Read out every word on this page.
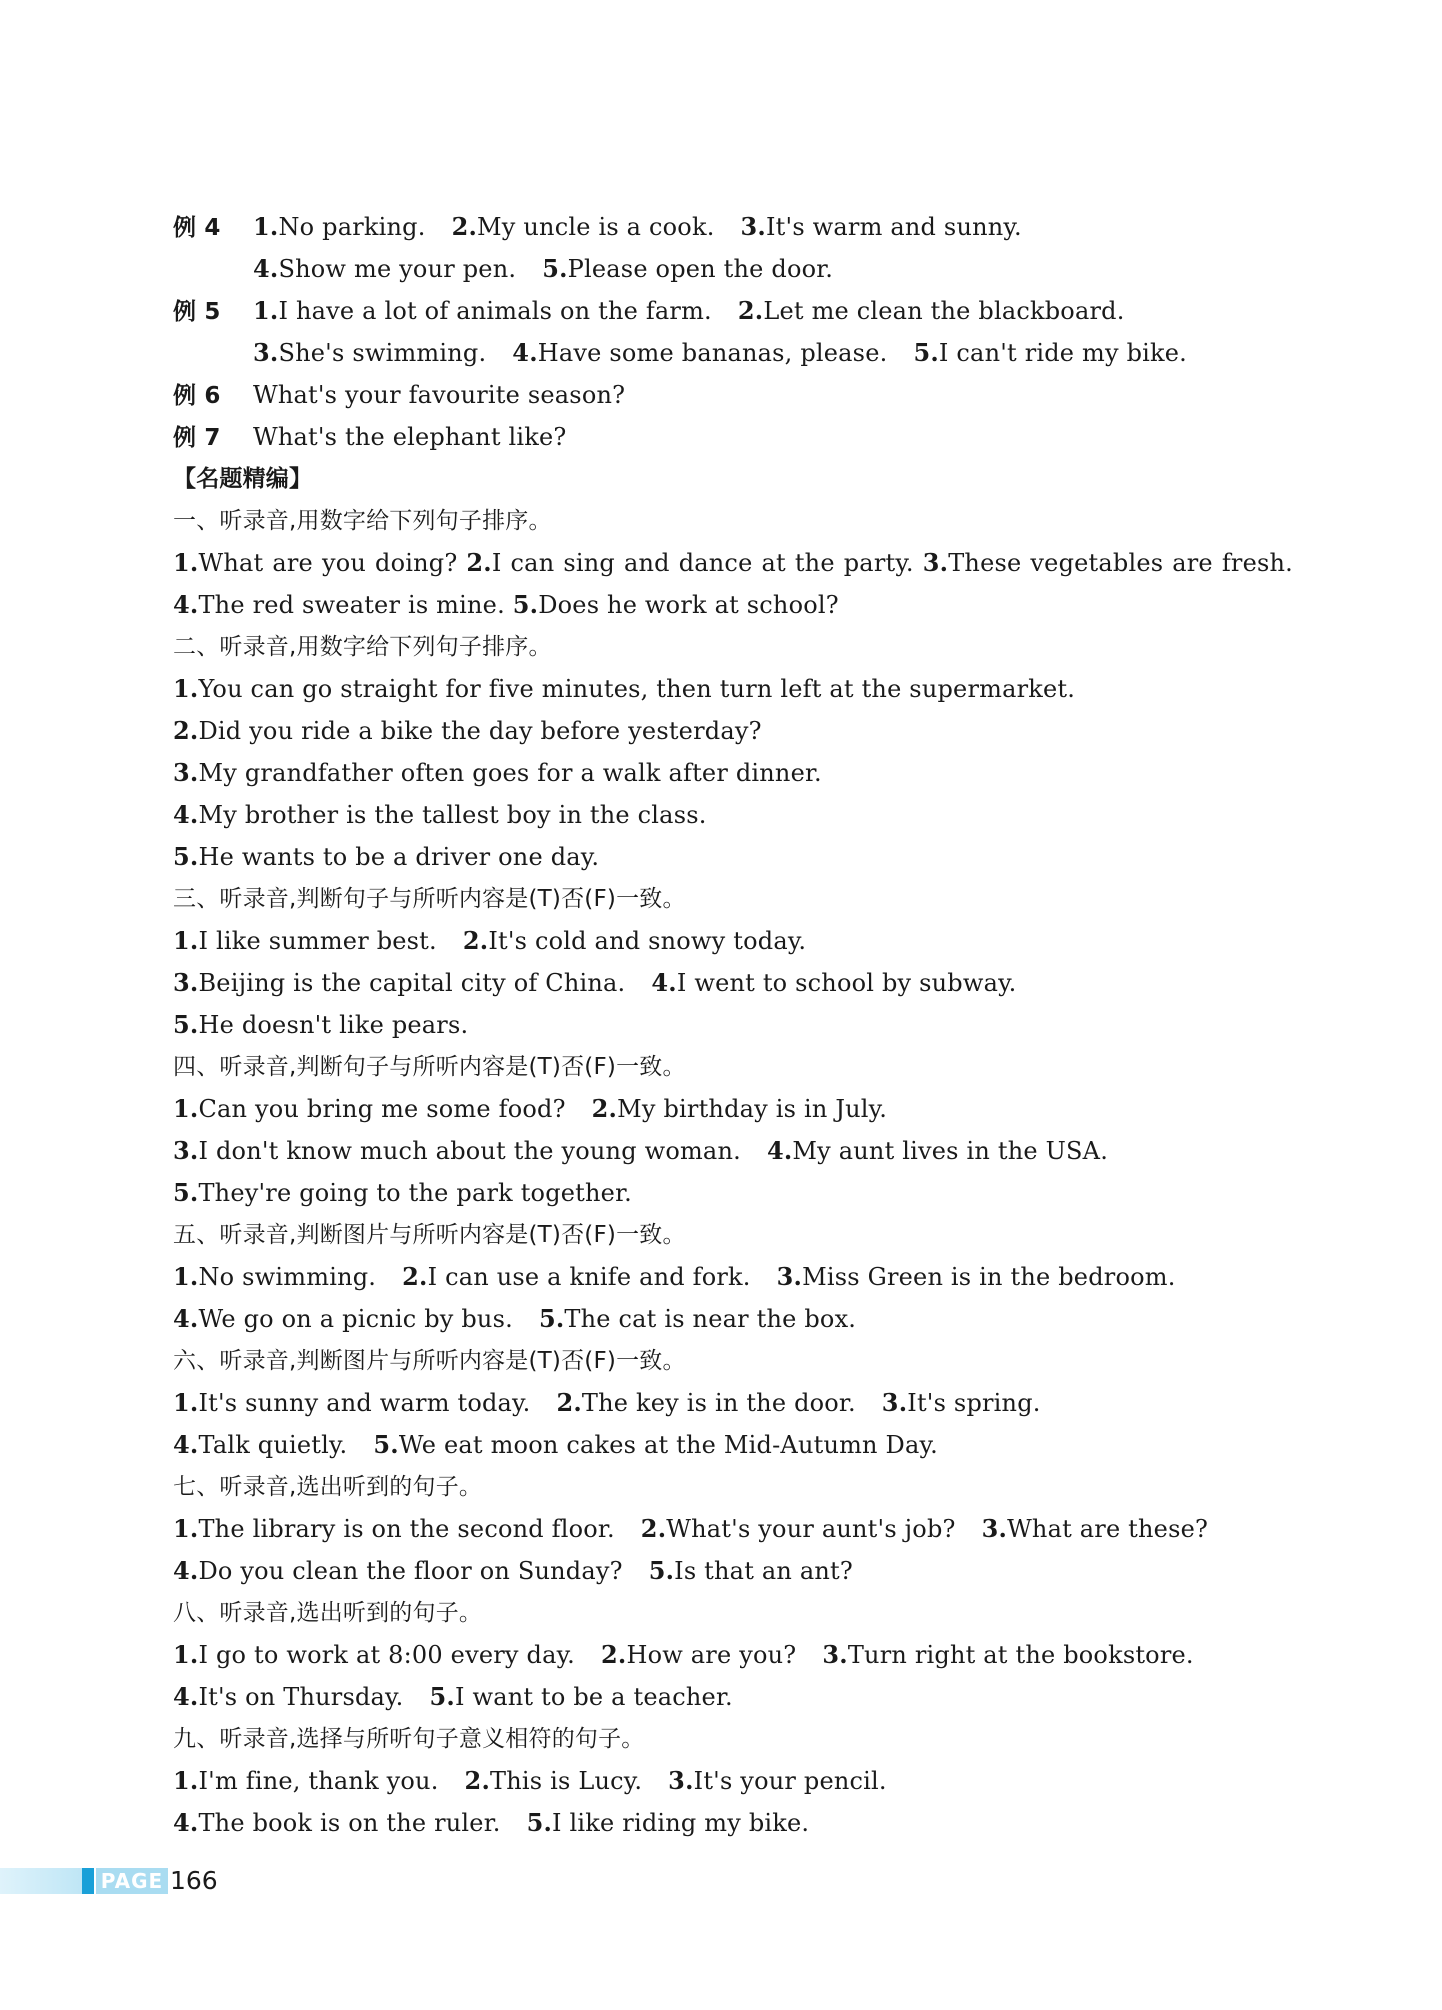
例 4 1.No parking. 2.My uncle is a cook. 3.It's warm and sunny.
4.Show me your pen. 5.Please open the door.
例 5 1.I have a lot of animals on the farm. 2.Let me clean the blackboard.
3.She's swimming. 4.Have some bananas, please. 5.I can't ride my bike.
例 6 What's your favourite season?
例 7 What's the elephant like?
【名题精编】
一、听录音,用数字给下列句子排序。
1.What are you doing? 2.I can sing and dance at the party. 3.These vegetables are fresh. 4.The red sweater is mine. 5.Does he work at school?
二、听录音,用数字给下列句子排序。
1.You can go straight for five minutes, then turn left at the supermarket.
2.Did you ride a bike the day before yesterday?
3.My grandfather often goes for a walk after dinner.
4.My brother is the tallest boy in the class.
5.He wants to be a driver one day.
三、听录音,判断句子与所听内容是(T)否(F)一致。
1.I like summer best. 2.It's cold and snowy today.
3.Beijing is the capital city of China. 4.I went to school by subway.
5.He doesn't like pears.
四、听录音,判断句子与所听内容是(T)否(F)一致。
1.Can you bring me some food? 2.My birthday is in July.
3.I don't know much about the young woman. 4.My aunt lives in the USA.
5.They're going to the park together.
五、听录音,判断图片与所听内容是(T)否(F)一致。
1.No swimming. 2.I can use a knife and fork. 3.Miss Green is in the bedroom.
4.We go on a picnic by bus. 5.The cat is near the box.
六、听录音,判断图片与所听内容是(T)否(F)一致。
1.It's sunny and warm today. 2.The key is in the door. 3.It's spring.
4.Talk quietly. 5.We eat moon cakes at the Mid-Autumn Day.
七、听录音,选出听到的句子。
1.The library is on the second floor. 2.What's your aunt's job? 3.What are these?
4.Do you clean the floor on Sunday? 5.Is that an ant?
八、听录音,选出听到的句子。
1.I go to work at 8:00 every day. 2.How are you? 3.Turn right at the bookstore.
4.It's on Thursday. 5.I want to be a teacher.
九、听录音,选择与所听句子意义相符的句子。
1.I'm fine, thank you. 2.This is Lucy. 3.It's your pencil.
4.The book is on the ruler. 5.I like riding my bike.
PAGE 166
